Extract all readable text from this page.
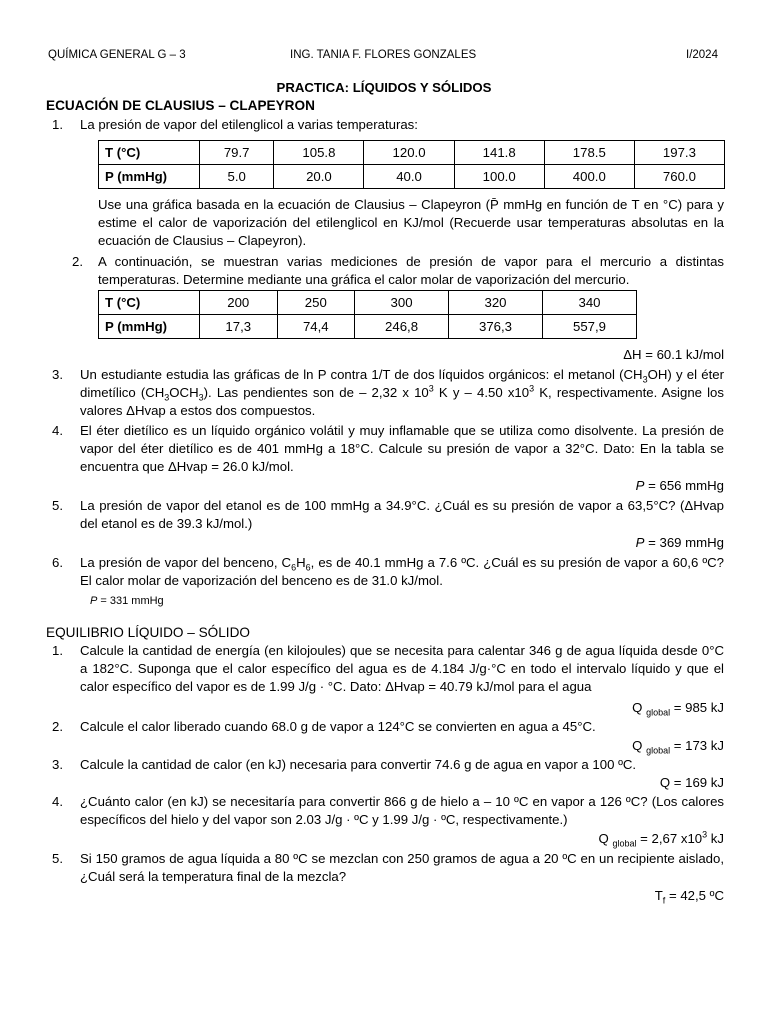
QUÍMICA GENERAL G – 3	ING. TANIA F. FLORES GONZALES	I/2024
PRACTICA: LÍQUIDOS Y SÓLIDOS
ECUACIÓN DE CLAUSIUS – CLAPEYRON
1. La presión de vapor del etilenglicol a varias temperaturas:
T (°C)	79.7	105.8	120.0	141.8	178.5	197.3
P (mmHg)	5.0	20.0	40.0	100.0	400.0	760.0
Use una gráfica basada en la ecuación de Clausius – Clapeyron (P̄ mmHg en función de T en °C) para y estime el calor de vaporización del etilenglicol en KJ/mol (Recuerde usar temperaturas absolutas en la ecuación de Clausius – Clapeyron).
2. A continuación, se muestran varias mediciones de presión de vapor para el mercurio a distintas temperaturas. Determine mediante una gráfica el calor molar de vaporización del mercurio.
T (°C)	200	250	300	320	340
P (mmHg)	17,3	74,4	246,8	376,3	557,9
ΔH = 60.1 kJ/mol
3. Un estudiante estudia las gráficas de ln P contra 1/T de dos líquidos orgánicos: el metanol $(CH_3OH)$ y el éter dimetílico $(CH_3OCH_3)$. Las pendientes son de – 2,32 x $10^3$ K y – 4.50 $x10^3$ K, respectivamente. Asigne los valores ΔHvap a estos dos compuestos.
4. El éter dietílico es un líquido orgánico volátil y muy inflamable que se utiliza como disolvente. La presión de vapor del éter dietílico es de 401 mmHg a 18°C. Calcule su presión de vapor a 32°C. Dato: En la tabla se encuentra que ΔHvap = 26.0 kJ/mol.
P = 656 mmHg
5. La presión de vapor del etanol es de 100 mmHg a 34.9°C. ¿Cuál es su presión de vapor a 63,5°C? (ΔHvap del etanol es de 39.3 kJ/mol.)
P = 369 mmHg
6. La presión de vapor del benceno, $C_6H_6$, es de 40.1 mmHg a 7.6 ºC. ¿Cuál es su presión de vapor a 60,6 ºC? El calor molar de vaporización del benceno es de 31.0 kJ/mol.
P = 331 mmHg
EQUILIBRIO LÍQUIDO – SÓLIDO
1. Calcule la cantidad de energía (en kilojoules) que se necesita para calentar 346 g de agua líquida desde 0°C a 182°C. Suponga que el calor específico del agua es de 4.184 J/g·°C en todo el intervalo líquido y que el calor específico del vapor es de 1.99 J/g · °C. Dato: ΔHvap = 40.79 kJ/mol para el agua
Q $_{global}$ = 985 kJ
2. Calcule el calor liberado cuando 68.0 g de vapor a 124°C se convierten en agua a 45°C.
Q $_{global}$ = 173 kJ
3. Calcule la cantidad de calor (en kJ) necesaria para convertir 74.6 g de agua en vapor a 100 ºC.
Q = 169 kJ
4. ¿Cuánto calor (en kJ) se necesitaría para convertir 866 g de hielo a – 10 ºC en vapor a 126 ºC? (Los calores específicos del hielo y del vapor son 2.03 J/g · ºC y 1.99 J/g · ºC, respectivamente.)
Q $_{global}$ = 2,67 $x10^3$ kJ
5. Si 150 gramos de agua líquida a 80 ºC se mezclan con 250 gramos de agua a 20 ºC en un recipiente aislado, ¿Cuál será la temperatura final de la mezcla?
$T_f = 42,5$ ºC
